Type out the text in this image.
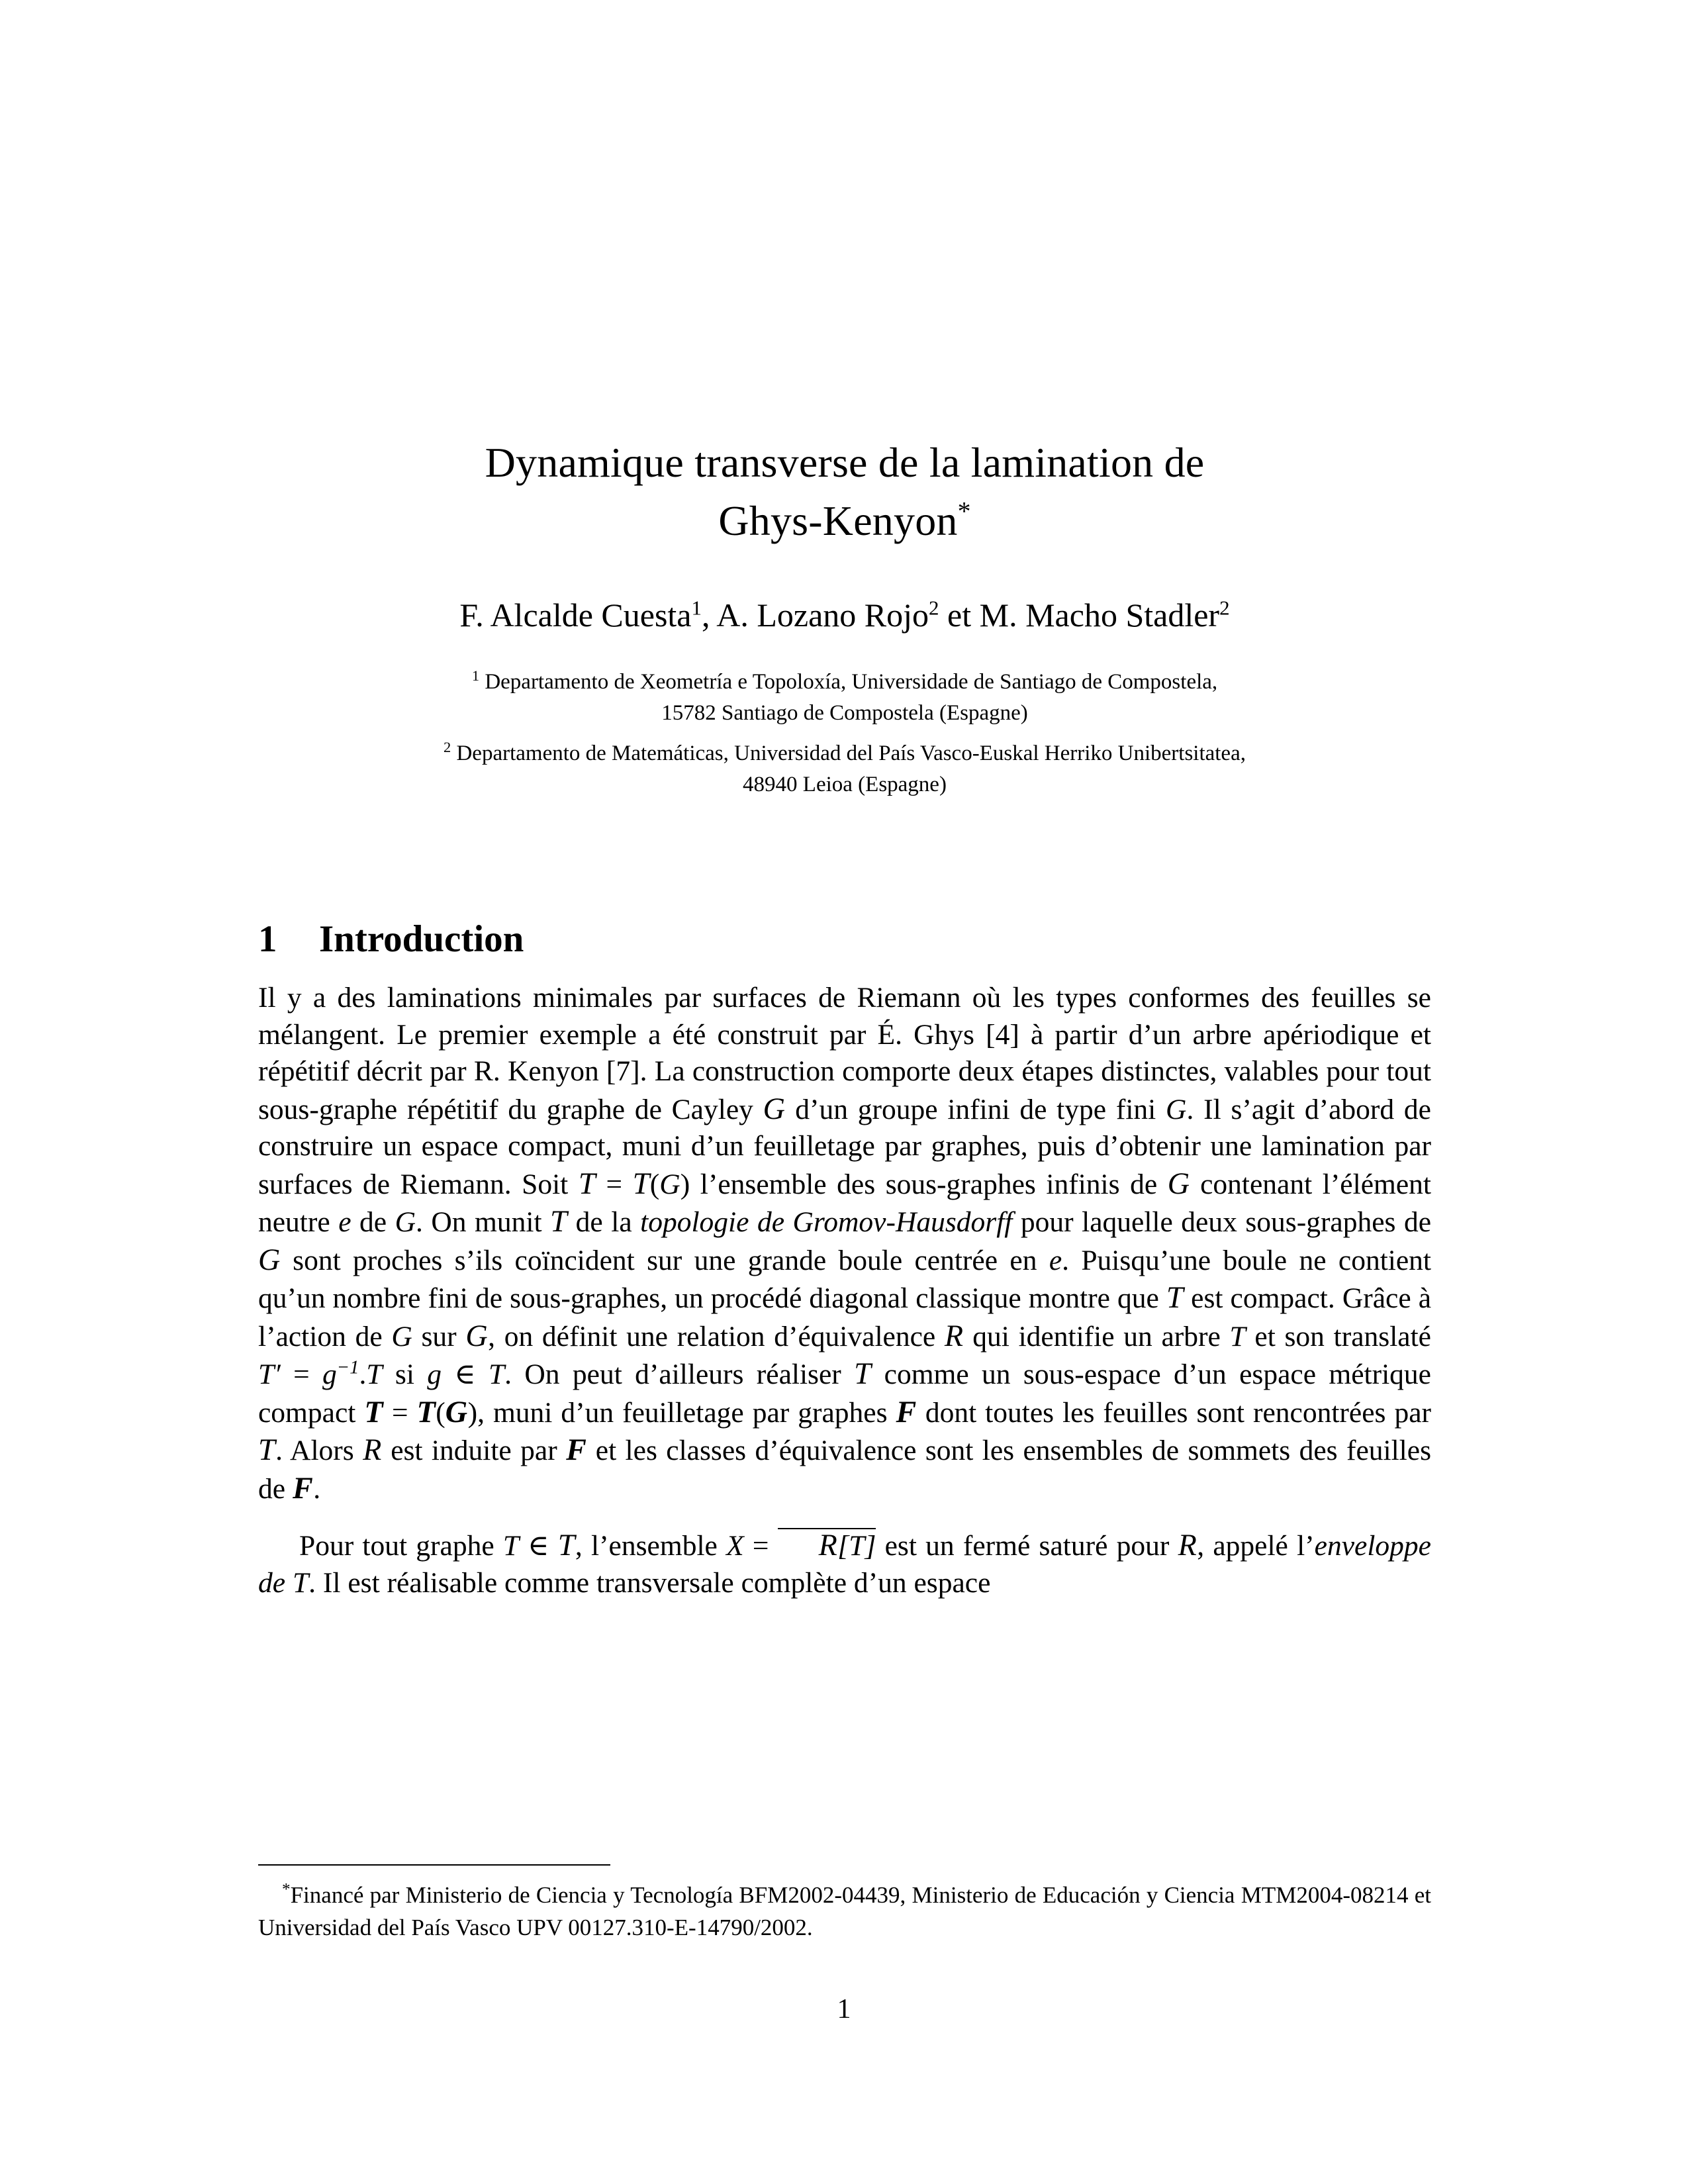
Dynamique transverse de la lamination de
Ghys-Kenyon*
F. Alcalde Cuesta$^1$, A. Lozano Rojo$^2$ et M. Macho Stadler$^2$
$^1$ Departamento de Xeometría e Topoloxía, Universidade de Santiago de Compostela,
15782 Santiago de Compostela (Espagne)
$^2$ Departamento de Matemáticas, Universidad del País Vasco-Euskal Herriko Unibertsitatea,
48940 Leioa (Espagne)
1 Introduction
Il y a des laminations minimales par surfaces de Riemann où les types conformes des feuilles se mélangent. Le premier exemple a été construit par É. Ghys [4] à partir d’un arbre apériodique et répétitif décrit par R. Kenyon [7]. La construction comporte deux étapes distinctes, valables pour tout sous-graphe répétitif du graphe de Cayley G d’un groupe infini de type fini G. Il s’agit d’abord de construire un espace compact, muni d’un feuilletage par graphes, puis d’obtenir une lamination par surfaces de Riemann. Soit T = T(G) l’ensemble des sous-graphes infinis de G contenant l’élément neutre e de G. On munit T de la topologie de Gromov-Hausdorff pour laquelle deux sous-graphes de G sont proches s’ils coïncident sur une grande boule centrée en e. Puisqu’une boule ne contient qu’un nombre fini de sous-graphes, un procédé diagonal classique montre que T est compact. Grâce à l’action de G sur G, on définit une relation d’équivalence R qui identifie un arbre T et son translaté $T' = g^{-1}.T$ si g ∈ T. On peut d’ailleurs réaliser T comme un sous-espace d’un espace métrique compact T = T(G), muni d’un feuilletage par graphes F dont toutes les feuilles sont rencontrées par T. Alors R est induite par F et les classes d’équivalence sont les ensembles de sommets des feuilles de F.
Pour tout graphe T ∈ T, l’ensemble X = R[T] est un fermé saturé pour R, appelé l’enveloppe de T. Il est réalisable comme transversale complète d’un espace
*Financé par Ministerio de Ciencia y Tecnología BFM2002-04439, Ministerio de Educación y Ciencia MTM2004-08214 et Universidad del País Vasco UPV 00127.310-E-14790/2002.
1
